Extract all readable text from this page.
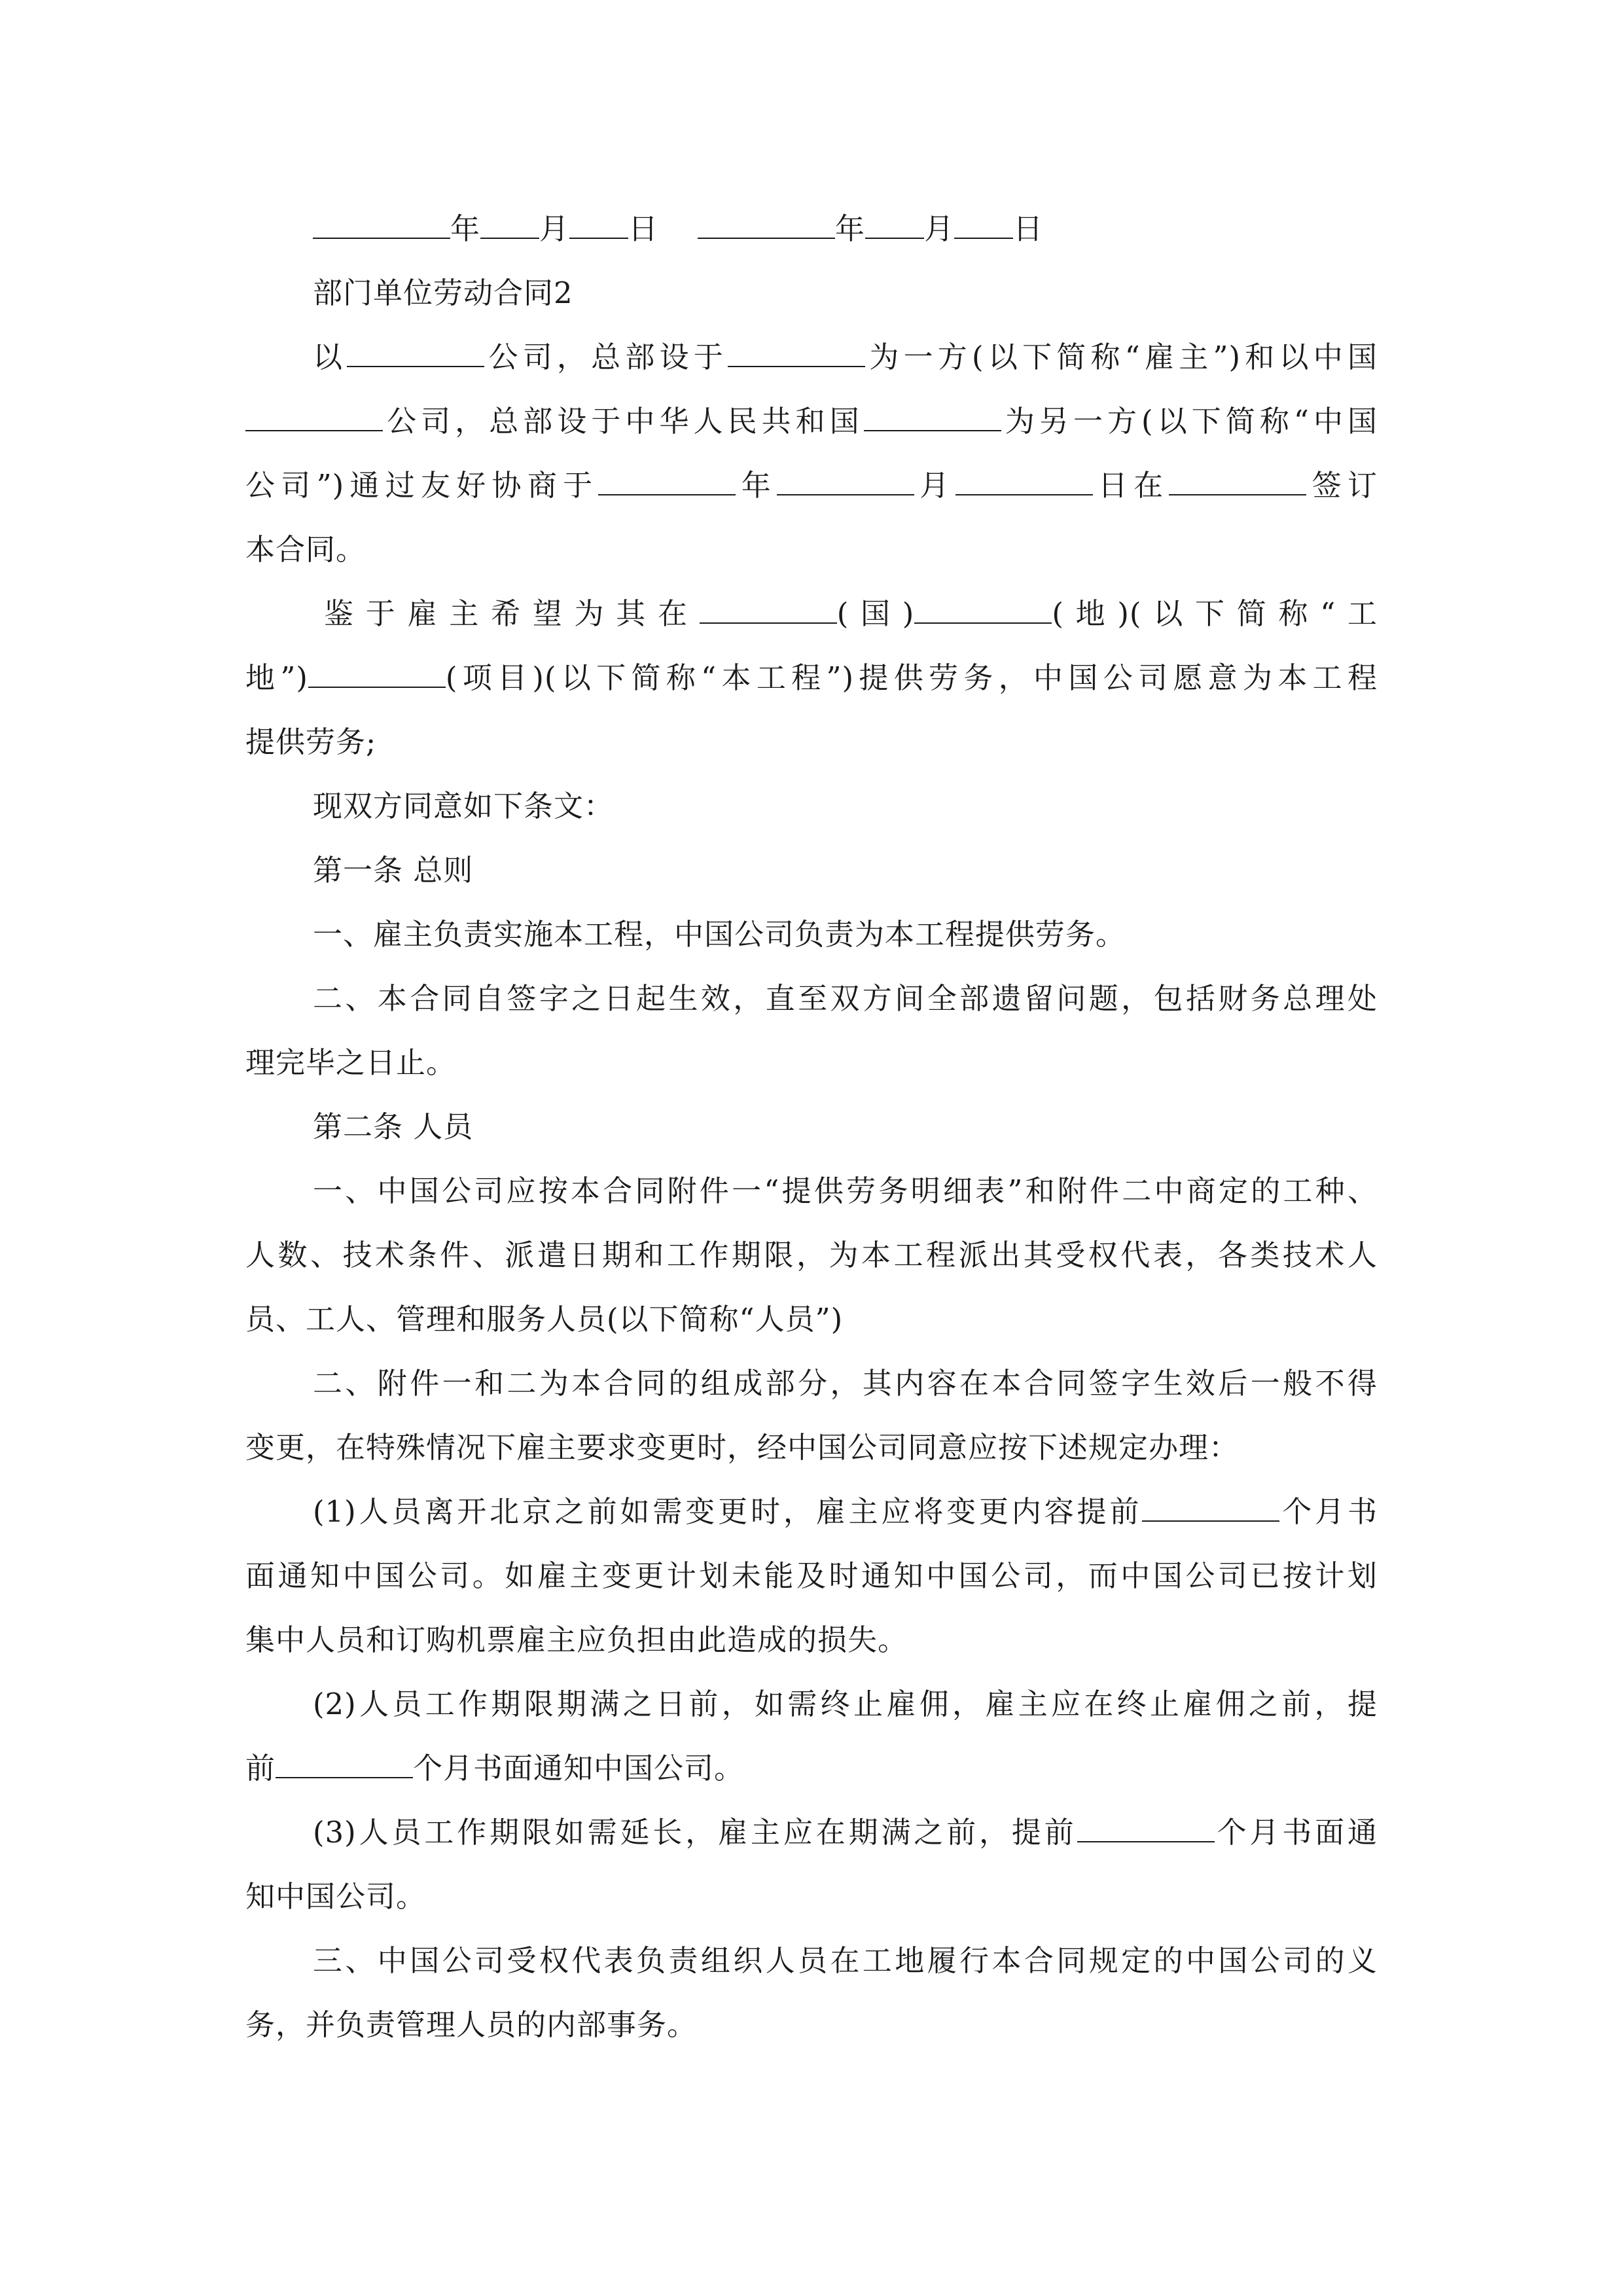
年 月 日	年 月 日
部门单位劳动合同2
以	公司，总部设于	为一方(以下简称“雇主”)和以中国
公司，总部设于中华人民共和国	为另一方(以下简称“中国
公司”)通过友好协商于	年	月	日在	签订
本合同。
鉴于雇主希望为其在	(国)	(地)(以下简称“工
地”)	(项目)(以下简称“本工程”)提供劳务，中国公司愿意为本工程
提供劳务;
现双方同意如下条文：
第一条 总则
一、雇主负责实施本工程，中国公司负责为本工程提供劳务。
二、本合同自签字之日起生效，直至双方间全部遗留问题，包括财务总理处
理完毕之日止。
第二条 人员
一、中国公司应按本合同附件一“提供劳务明细表”和附件二中商定的工种、
人数、技术条件、派遣日期和工作期限，为本工程派出其受权代表，各类技术人
员、工人、管理和服务人员(以下简称“人员”)
二、附件一和二为本合同的组成部分，其内容在本合同签字生效后一般不得
变更，在特殊情况下雇主要求变更时，经中国公司同意应按下述规定办理：
(1)人员离开北京之前如需变更时，雇主应将变更内容提前	个月书
面通知中国公司。如雇主变更计划未能及时通知中国公司，而中国公司已按计划
集中人员和订购机票雇主应负担由此造成的损失。
(2)人员工作期限期满之日前，如需终止雇佣，雇主应在终止雇佣之前，提
前	个月书面通知中国公司。
(3)人员工作期限如需延长，雇主应在期满之前，提前	个月书面通
知中国公司。
三、中国公司受权代表负责组织人员在工地履行本合同规定的中国公司的义
务，并负责管理人员的内部事务。
